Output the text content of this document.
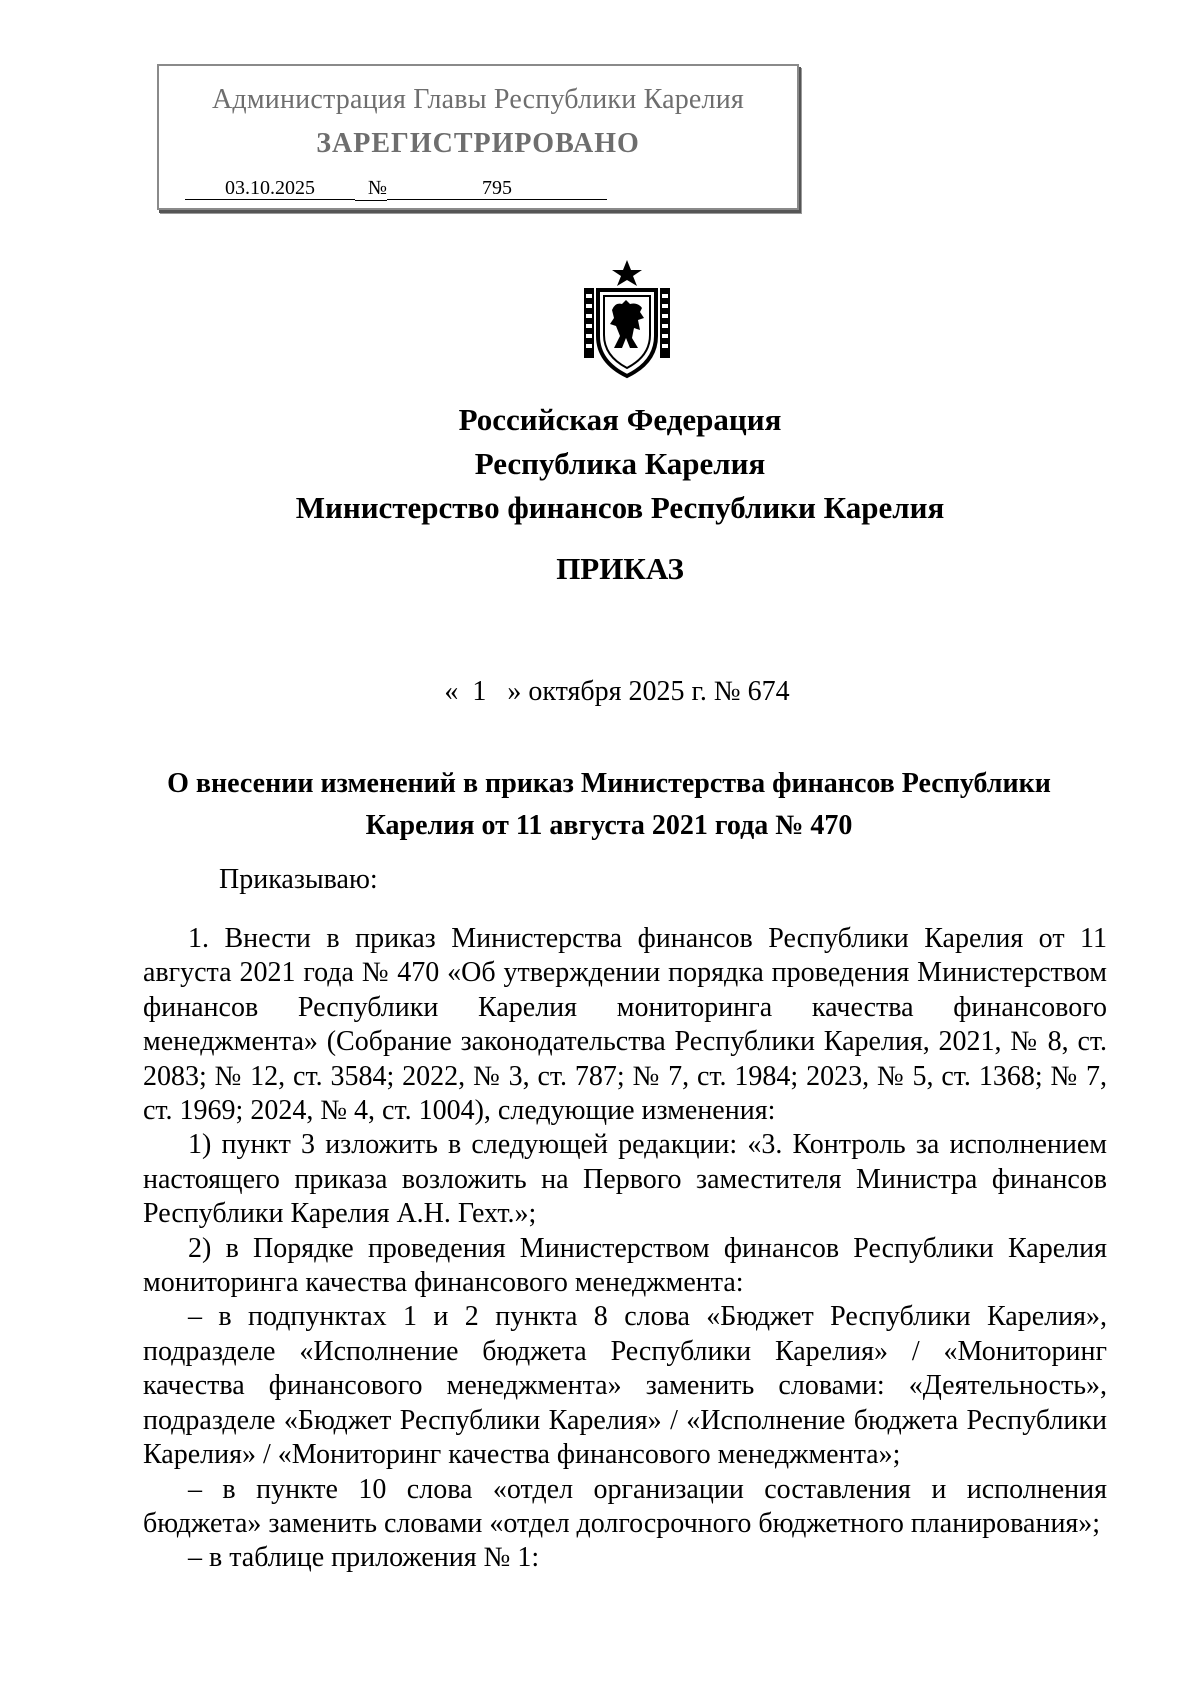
Администрация Главы Республики Карелия
ЗАРЕГИСТРИРОВАНО
03.10.2025	№	795
Российская Федерация
Республика Карелия
Министерство финансов Республики Карелия
ПРИКАЗ
« 1 » октября 2025 г. № 674
О внесении изменений в приказ Министерства финансов Республики
Карелия от 11 августа 2021 года № 470
Приказываю:

1. Внести в приказ Министерства финансов Республики Карелия от 11 августа 2021 года № 470 «Об утверждении порядка проведения Министерством финансов Республики Карелия мониторинга качества финансового менеджмента» (Собрание законодательства Республики Карелия, 2021, № 8, ст. 2083; № 12, ст. 3584; 2022, № 3, ст. 787; № 7, ст. 1984; 2023, № 5, ст. 1368; № 7, ст. 1969; 2024, № 4, ст. 1004), следующие изменения:

1) пункт 3 изложить в следующей редакции: «3. Контроль за исполнением настоящего приказа возложить на Первого заместителя Министра финансов Республики Карелия А.Н. Гехт.»;

2) в Порядке проведения Министерством финансов Республики Карелия мониторинга качества финансового менеджмента:

– в подпунктах 1 и 2 пункта 8 слова «Бюджет Республики Карелия», подразделе «Исполнение бюджета Республики Карелия» / «Мониторинг качества финансового менеджмента» заменить словами: «Деятельность», подразделе «Бюджет Республики Карелия» / «Исполнение бюджета Республики Карелия» / «Мониторинг качества финансового менеджмента»;

– в пункте 10 слова «отдел организации составления и исполнения бюджета» заменить словами «отдел долгосрочного бюджетного планирования»;

– в таблице приложения № 1:
